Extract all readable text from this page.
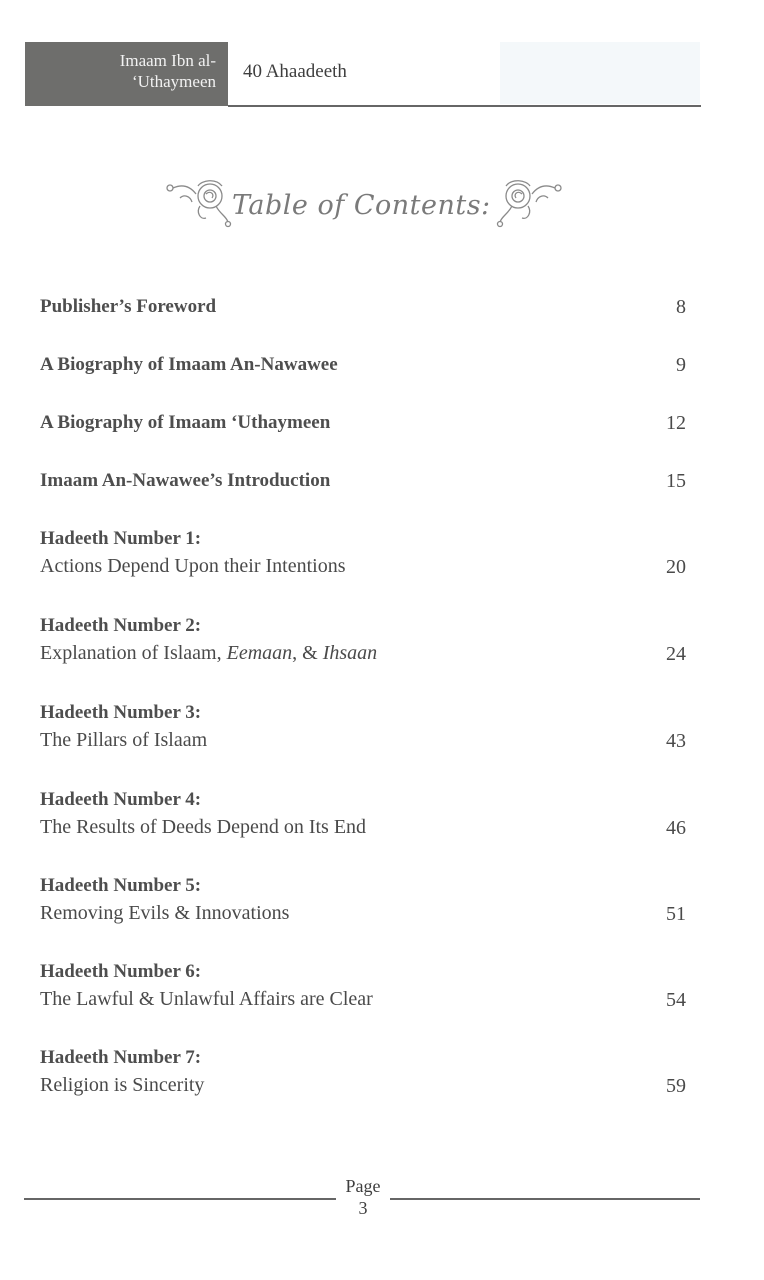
Imaam Ibn al-
‘Uthaymeen 40 Ahaadeeth
Table of Contents:
Publisher’s Foreword	8
A Biography of Imaam An-Nawawee	9
A Biography of Imaam ‘Uthaymeen	12
Imaam An-Nawawee’s Introduction	15
Hadeeth Number 1:
Actions Depend Upon their Intentions	20
Hadeeth Number 2:
Explanation of Islaam, Eemaan, & Ihsaan	24
Hadeeth Number 3:
The Pillars of Islaam	43
Hadeeth Number 4:
The Results of Deeds Depend on Its End	46
Hadeeth Number 5:
Removing Evils & Innovations	51
Hadeeth Number 6:
The Lawful & Unlawful Affairs are Clear	54
Hadeeth Number 7:
Religion is Sincerity	59
Page
3
